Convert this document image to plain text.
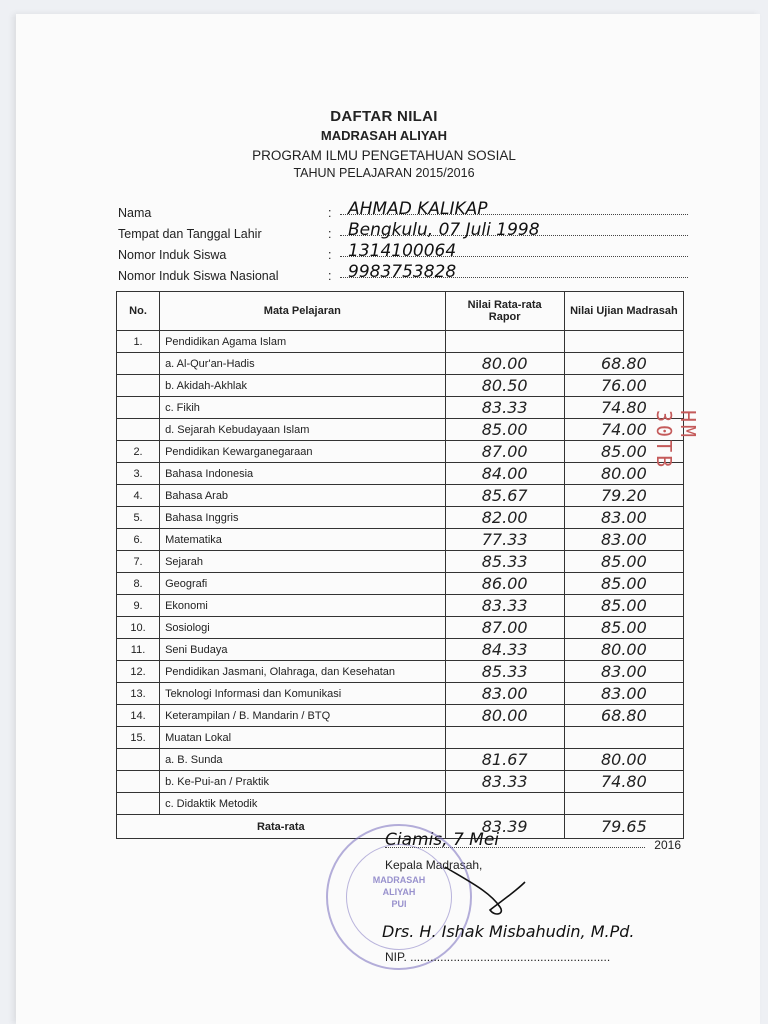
DAFTAR NILAI
MADRASAH ALIYAH
PROGRAM ILMU PENGETAHUAN SOSIAL
TAHUN PELAJARAN 2015/2016
Nama	: AHMAD KALIKAP
Tempat dan Tanggal Lahir	: Bengkulu, 07 Juli 1998
Nomor Induk Siswa	: 1314100064
Nomor Induk Siswa Nasional	: 9983753828
No.	Mata Pelajaran	Nilai Rata-rata Rapor	Nilai Ujian Madrasah
1.	Pendidikan Agama Islam		
	a. Al-Qur'an-Hadis	80.00	68.80
	b. Akidah-Akhlak	80.50	76.00
	c. Fikih	83.33	74.80
	d. Sejarah Kebudayaan Islam	85.00	74.00
2.	Pendidikan Kewarganegaraan	87.00	85.00
3.	Bahasa Indonesia	84.00	80.00
4.	Bahasa Arab	85.67	79.20
5.	Bahasa Inggris	82.00	83.00
6.	Matematika	77.33	83.00
7.	Sejarah	85.33	85.00
8.	Geografi	86.00	85.00
9.	Ekonomi	83.33	85.00
10.	Sosiologi	87.00	85.00
11.	Seni Budaya	84.33	80.00
12.	Pendidikan Jasmani, Olahraga, dan Kesehatan	85.33	83.00
13.	Teknologi Informasi dan Komunikasi	83.00	83.00
14.	Keterampilan / B. Mandarin / BTQ	80.00	68.80
15.	Muatan Lokal		
	a. B. Sunda	81.67	80.00
	b. Ke-Pui-an / Praktik	83.33	74.80
	c. Didaktik Metodik		
Rata-rata		83.39	79.65
Ciamis, 7 Mei	2016
Kepala Madrasah,
MADRASAH
ALIYAH
PUI
Drs. H. Ishak Misbahudin, M.Pd.
NIP. ............................................................
HM 30TB
